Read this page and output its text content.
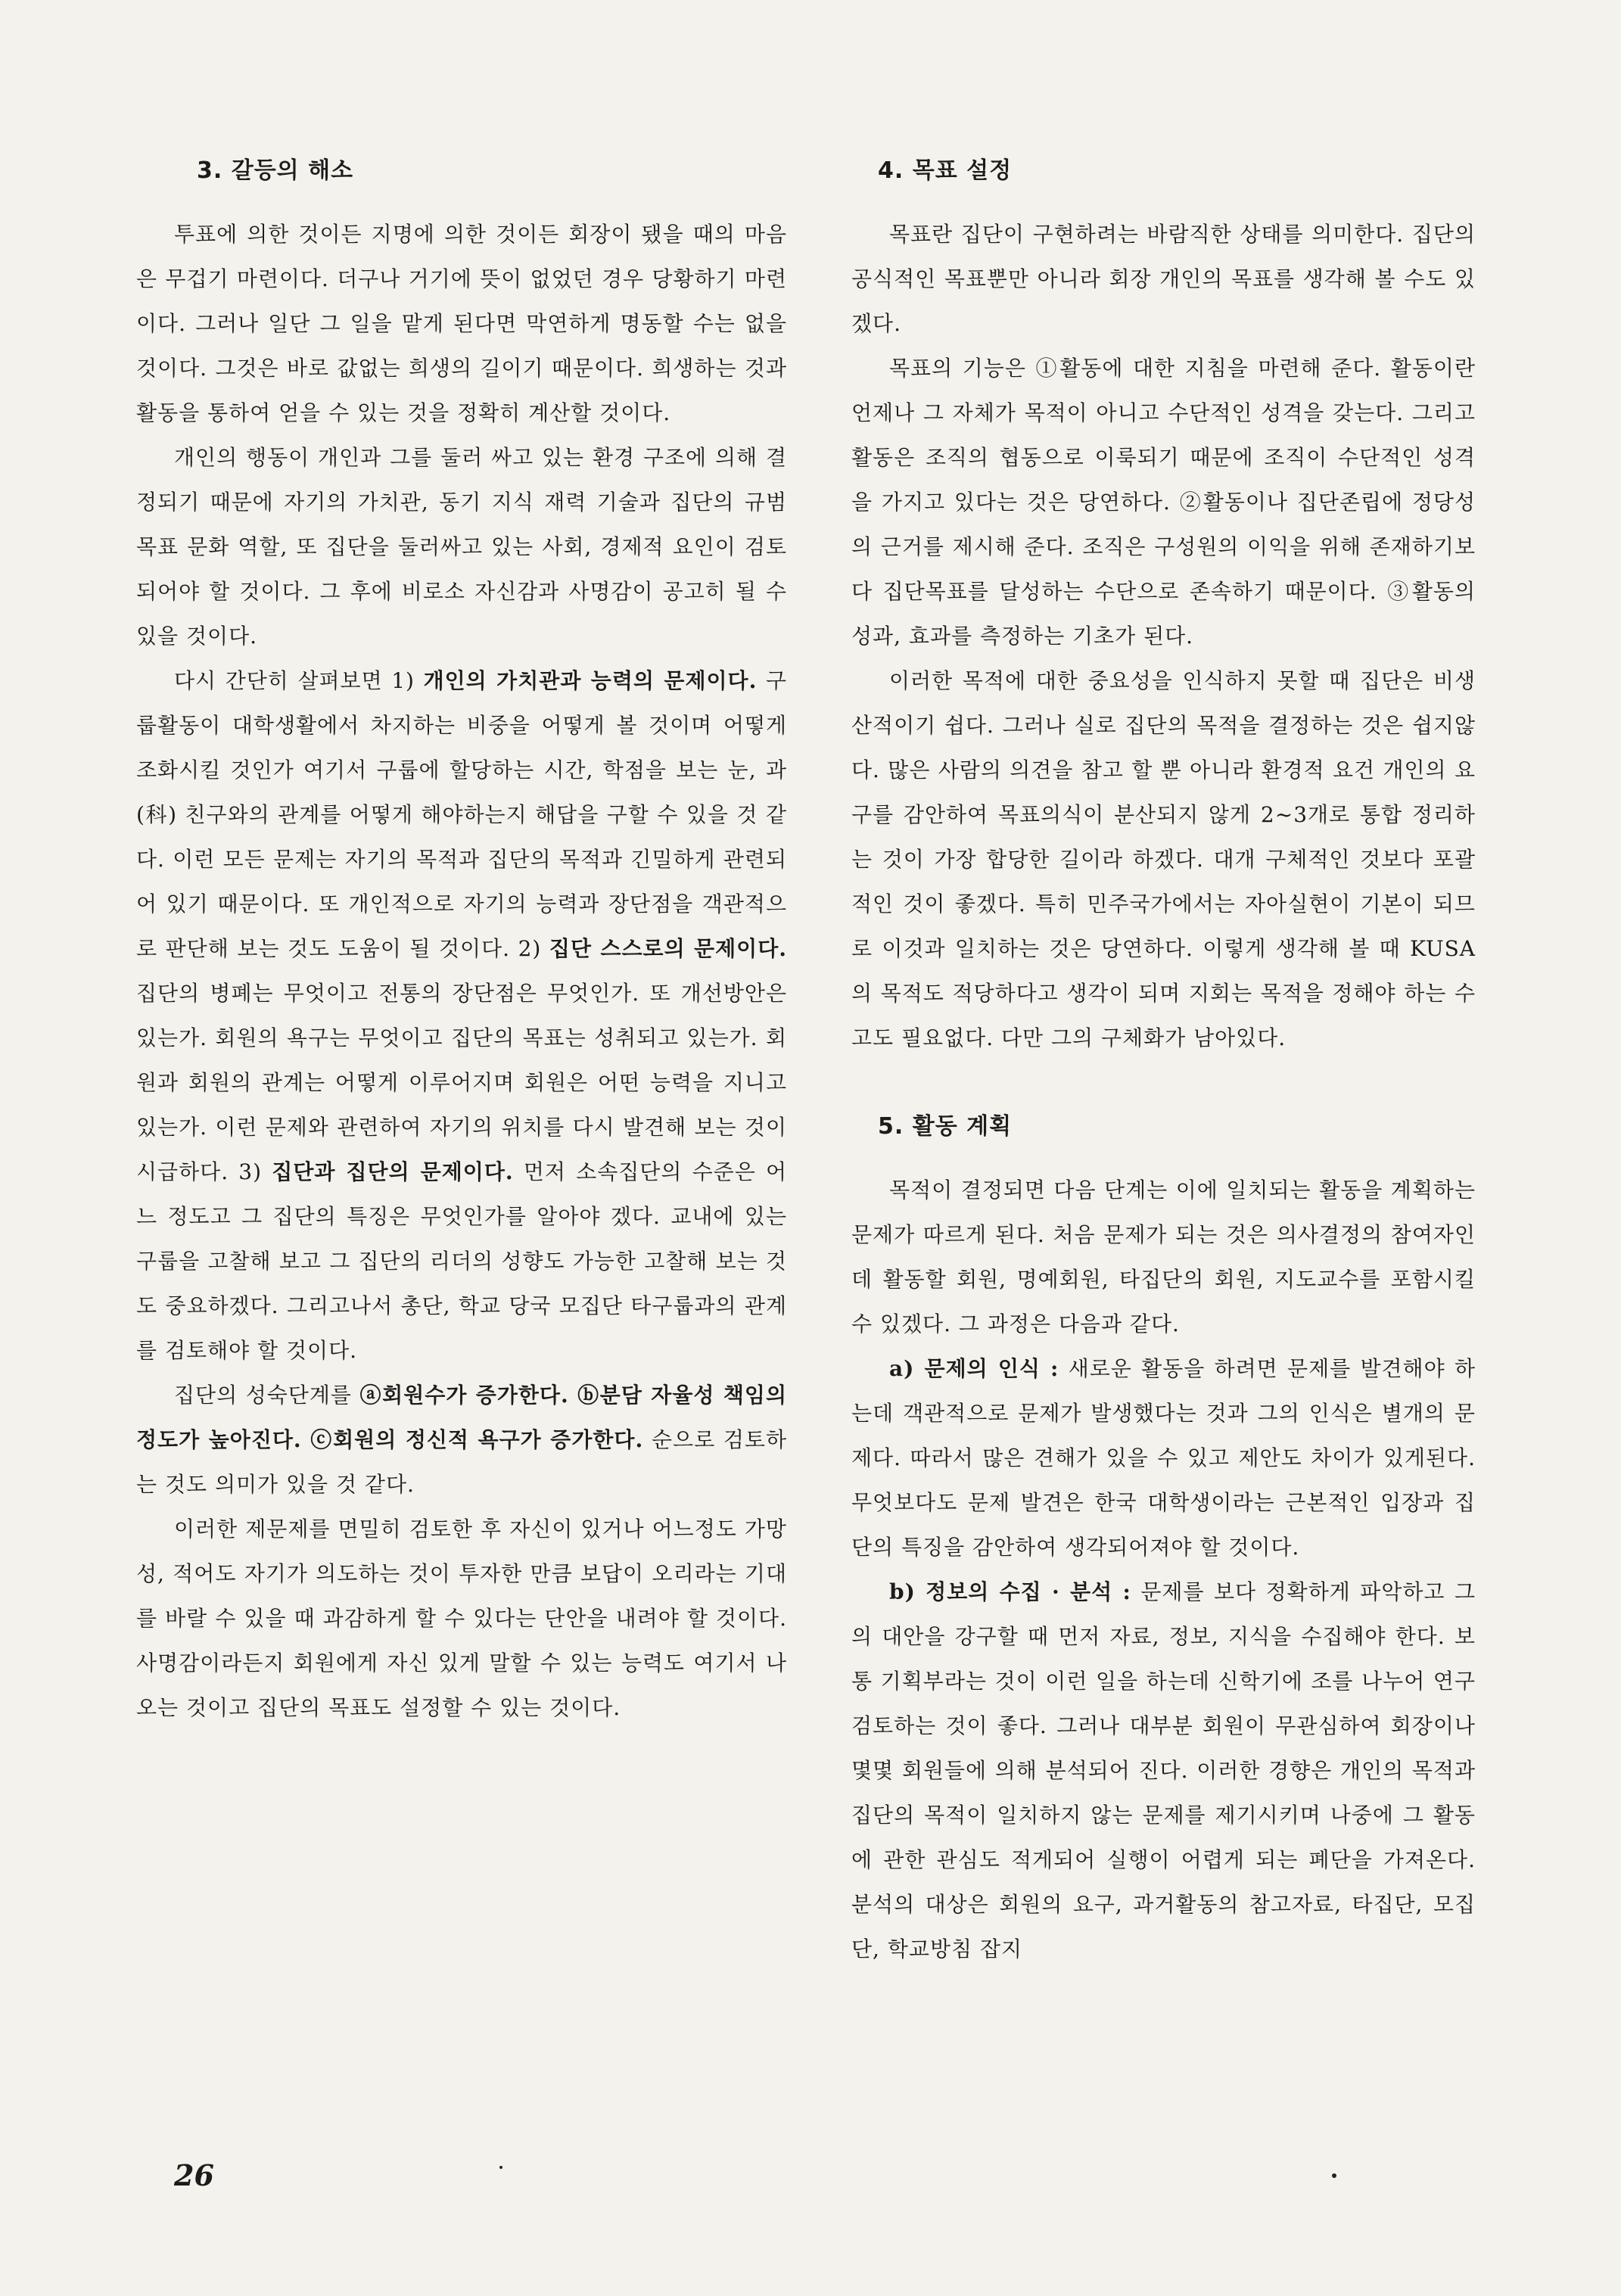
3. 갈등의 해소

투표에 의한 것이든 지명에 의한 것이든 회장이 됐을 때의 마음은 무겁기 마련이다. 더구나 거기에 뜻이 없었던 경우 당황하기 마련이다. 그러나 일단 그 일을 맡게 된다면 막연하게 명동할 수는 없을 것이다. 그것은 바로 값없는 희생의 길이기 때문이다. 희생하는 것과 활동을 통하여 얻을 수 있는 것을 정확히 계산할 것이다.

개인의 행동이 개인과 그를 둘러 싸고 있는 환경 구조에 의해 결정되기 때문에 자기의 가치관, 동기 지식 재력 기술과 집단의 규범 목표 문화 역할, 또 집단을 둘러싸고 있는 사회, 경제적 요인이 검토되어야 할 것이다. 그 후에 비로소 자신감과 사명감이 공고히 될 수 있을 것이다.

다시 간단히 살펴보면 1) 개인의 가치관과 능력의 문제이다. 구룹활동이 대학생활에서 차지하는 비중을 어떻게 볼 것이며 어떻게 조화시킬 것인가 여기서 구룹에 할당하는 시간, 학점을 보는 눈, 과(科) 친구와의 관계를 어떻게 해야하는지 해답을 구할 수 있을 것 같다. 이런 모든 문제는 자기의 목적과 집단의 목적과 긴밀하게 관련되어 있기 때문이다. 또 개인적으로 자기의 능력과 장단점을 객관적으로 판단해 보는 것도 도움이 될 것이다. 2) 집단 스스로의 문제이다. 집단의 병폐는 무엇이고 전통의 장단점은 무엇인가. 또 개선방안은 있는가. 회원의 욕구는 무엇이고 집단의 목표는 성취되고 있는가. 회원과 회원의 관계는 어떻게 이루어지며 회원은 어떤 능력을 지니고 있는가. 이런 문제와 관련하여 자기의 위치를 다시 발견해 보는 것이 시급하다. 3) 집단과 집단의 문제이다. 먼저 소속집단의 수준은 어느 정도고 그 집단의 특징은 무엇인가를 알아야 겠다. 교내에 있는 구룹을 고찰해 보고 그 집단의 리더의 성향도 가능한 고찰해 보는 것도 중요하겠다. 그리고나서 총단, 학교 당국 모집단 타구룹과의 관계를 검토해야 할 것이다.

집단의 성숙단계를 ⓐ회원수가 증가한다. ⓑ분담 자율성 책임의 정도가 높아진다. ⓒ회원의 정신적 욕구가 증가한다. 순으로 검토하는 것도 의미가 있을 것 같다.

이러한 제문제를 면밀히 검토한 후 자신이 있거나 어느정도 가망성, 적어도 자기가 의도하는 것이 투자한 만큼 보답이 오리라는 기대를 바랄 수 있을 때 과감하게 할 수 있다는 단안을 내려야 할 것이다. 사명감이라든지 회원에게 자신 있게 말할 수 있는 능력도 여기서 나오는 것이고 집단의 목표도 설정할 수 있는 것이다.

4. 목표 설정

목표란 집단이 구현하려는 바람직한 상태를 의미한다. 집단의 공식적인 목표뿐만 아니라 회장 개인의 목표를 생각해 볼 수도 있겠다.

목표의 기능은 ①활동에 대한 지침을 마련해 준다. 활동이란 언제나 그 자체가 목적이 아니고 수단적인 성격을 갖는다. 그리고 활동은 조직의 협동으로 이룩되기 때문에 조직이 수단적인 성격을 가지고 있다는 것은 당연하다. ②활동이나 집단존립에 정당성의 근거를 제시해 준다. 조직은 구성원의 이익을 위해 존재하기보다 집단목표를 달성하는 수단으로 존속하기 때문이다. ③활동의 성과, 효과를 측정하는 기초가 된다.

이러한 목적에 대한 중요성을 인식하지 못할 때 집단은 비생산적이기 쉽다. 그러나 실로 집단의 목적을 결정하는 것은 쉽지않다. 많은 사람의 의견을 참고 할 뿐 아니라 환경적 요건 개인의 요구를 감안하여 목표의식이 분산되지 않게 2~3개로 통합 정리하는 것이 가장 합당한 길이라 하겠다. 대개 구체적인 것보다 포괄적인 것이 좋겠다. 특히 민주국가에서는 자아실현이 기본이 되므로 이것과 일치하는 것은 당연하다. 이렇게 생각해 볼 때 KUSA의 목적도 적당하다고 생각이 되며 지회는 목적을 정해야 하는 수고도 필요없다. 다만 그의 구체화가 남아있다.

5. 활동 계획

목적이 결정되면 다음 단계는 이에 일치되는 활동을 계획하는 문제가 따르게 된다. 처음 문제가 되는 것은 의사결정의 참여자인데 활동할 회원, 명예회원, 타집단의 회원, 지도교수를 포함시킬 수 있겠다. 그 과정은 다음과 같다.

a) 문제의 인식 : 새로운 활동을 하려면 문제를 발견해야 하는데 객관적으로 문제가 발생했다는 것과 그의 인식은 별개의 문제다. 따라서 많은 견해가 있을 수 있고 제안도 차이가 있게된다. 무엇보다도 문제 발견은 한국 대학생이라는 근본적인 입장과 집단의 특징을 감안하여 생각되어져야 할 것이다.

b) 정보의 수집 · 분석 : 문제를 보다 정확하게 파악하고 그의 대안을 강구할 때 먼저 자료, 정보, 지식을 수집해야 한다. 보통 기획부라는 것이 이런 일을 하는데 신학기에 조를 나누어 연구 검토하는 것이 좋다. 그러나 대부분 회원이 무관심하여 회장이나 몇몇 회원들에 의해 분석되어 진다. 이러한 경향은 개인의 목적과 집단의 목적이 일치하지 않는 문제를 제기시키며 나중에 그 활동에 관한 관심도 적게되어 실행이 어렵게 되는 폐단을 가져온다. 분석의 대상은 회원의 요구, 과거활동의 참고자료, 타집단, 모집단, 학교방침 잡지

26
